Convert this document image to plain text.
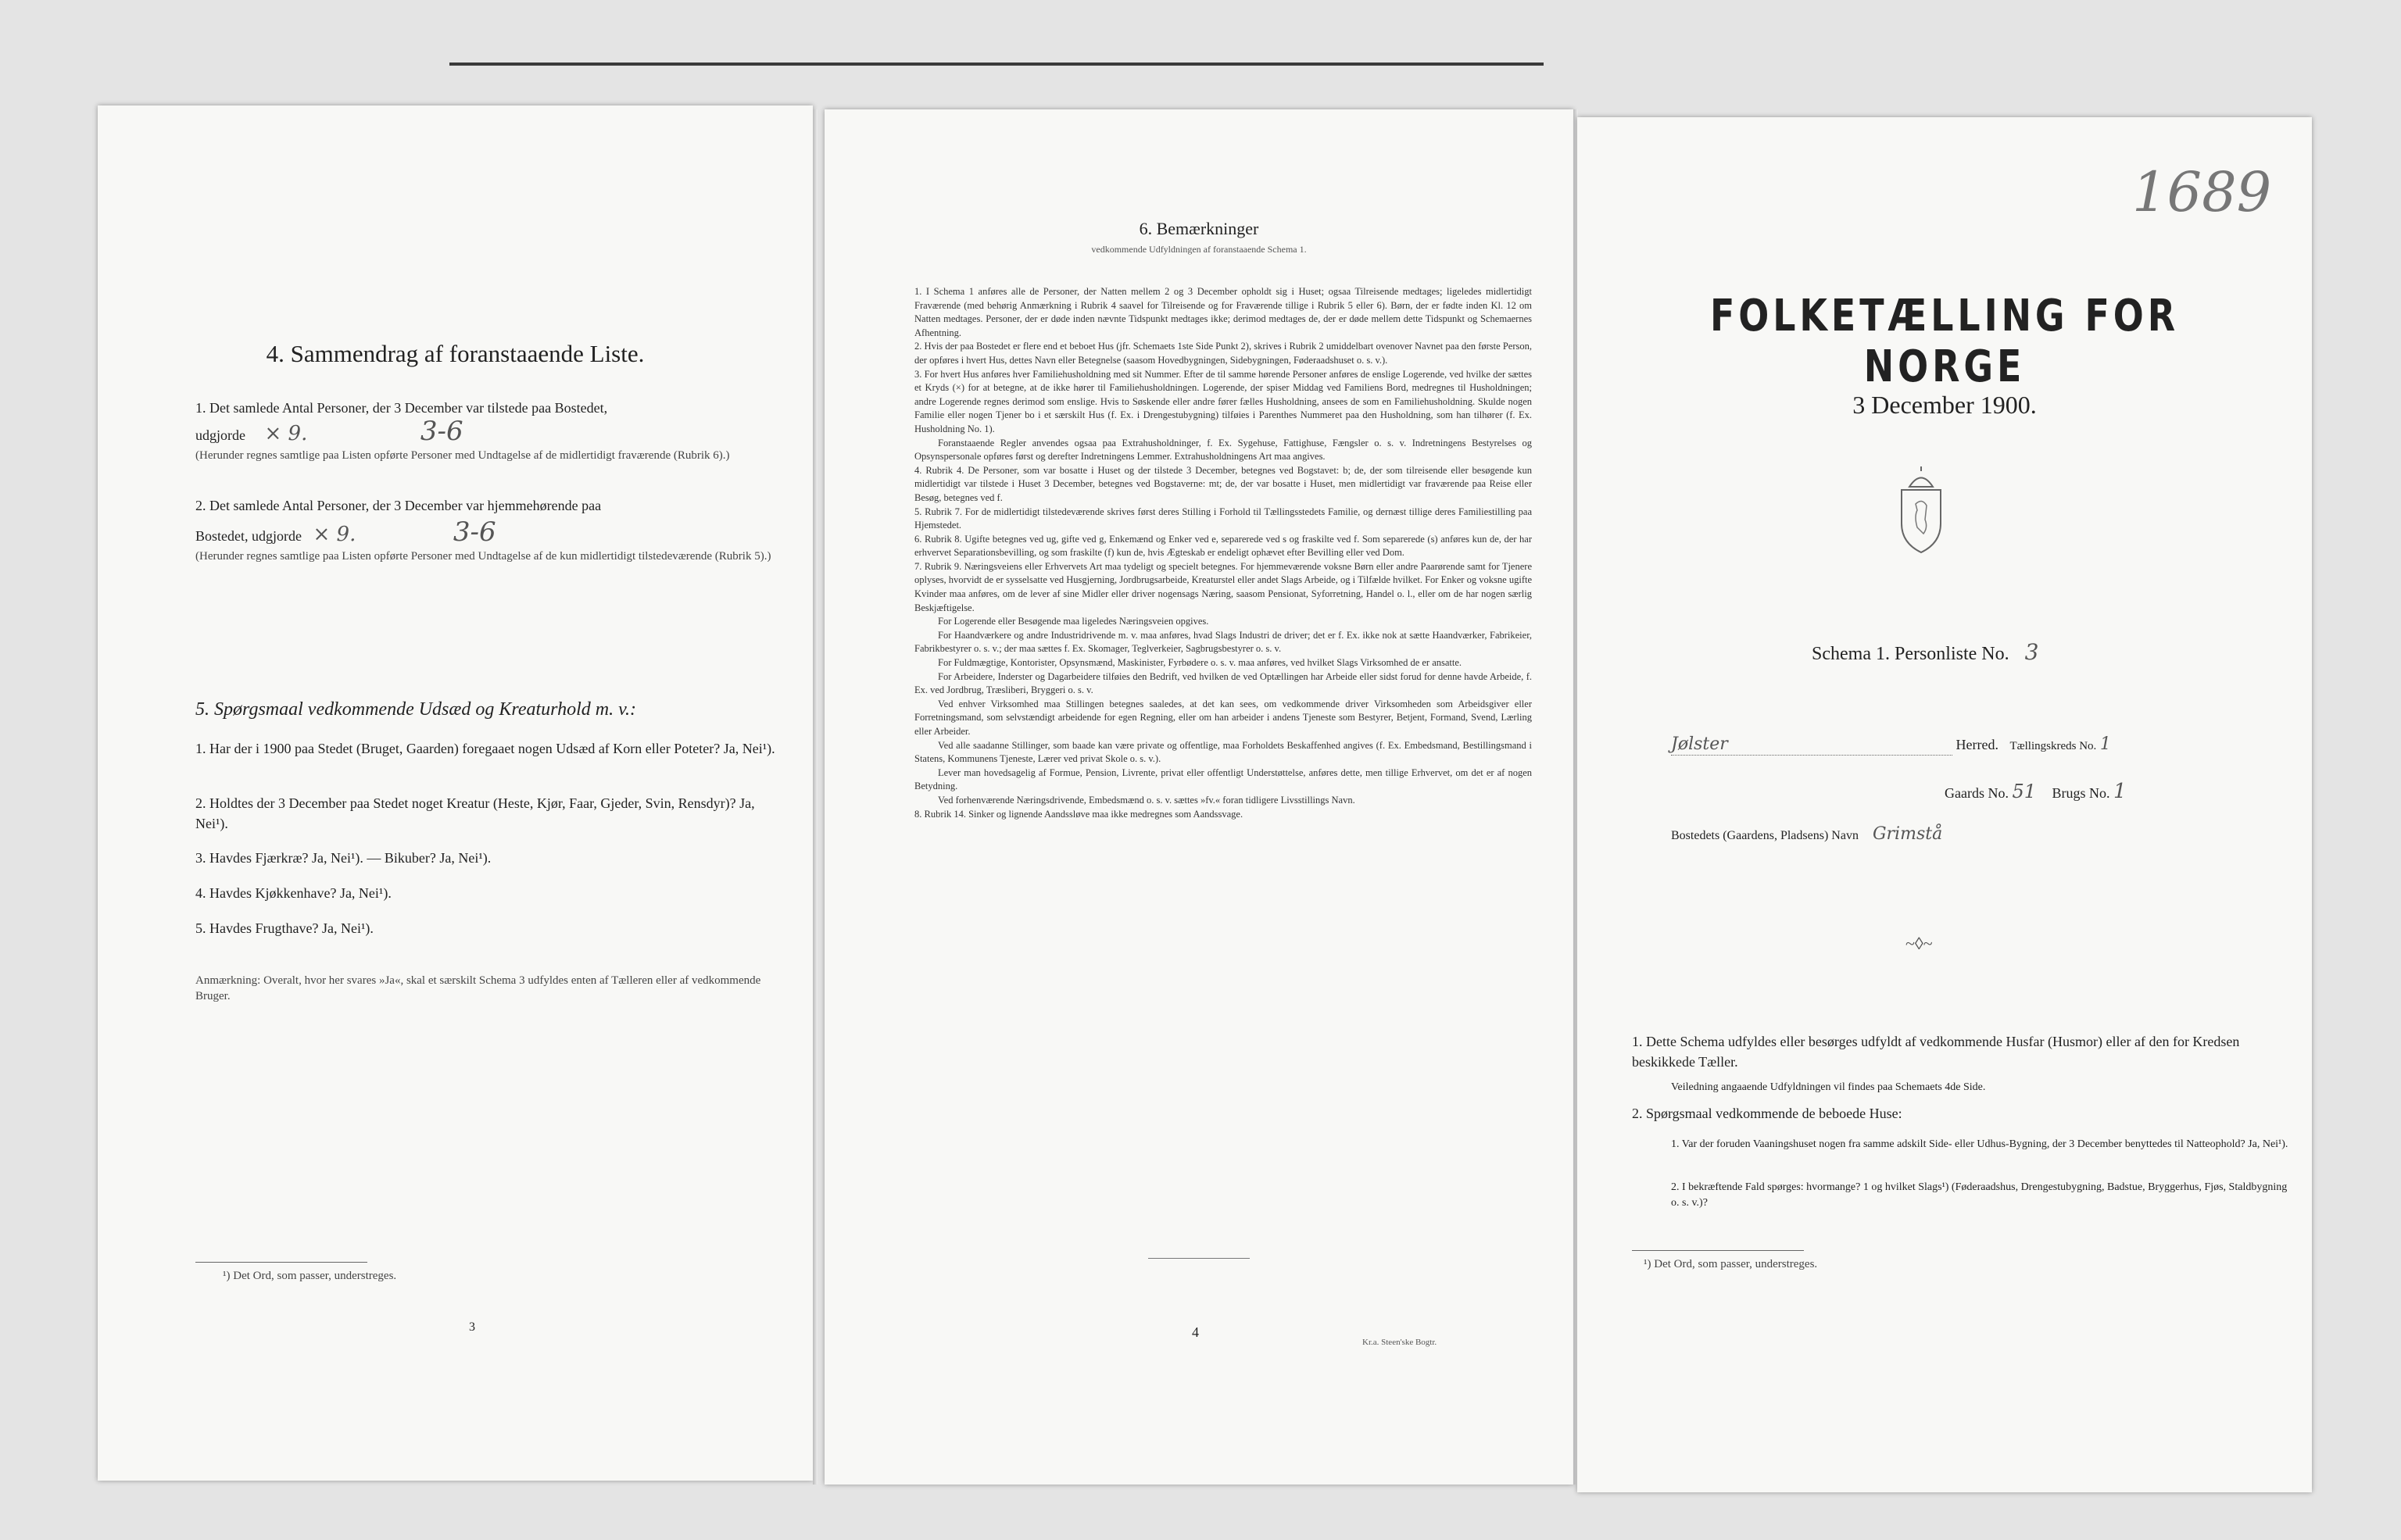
4. Sammendrag af foranstaaende Liste.
1. Det samlede Antal Personer, der 3 December var tilstede paa Bostedet,
udgjorde × 9.	3-6
(Herunder regnes samtlige paa Listen opførte Personer med Undtagelse af de midlertidigt fraværende (Rubrik 6).)
2. Det samlede Antal Personer, der 3 December var hjemmehørende paa
Bostedet, udgjorde × 9.	3-6
(Herunder regnes samtlige paa Listen opførte Personer med Undtagelse af de kun midlertidigt tilstedeværende (Rubrik 5).)
5. Spørgsmaal vedkommende Udsæd og Kreaturhold m. v.:
1. Har der i 1900 paa Stedet (Bruget, Gaarden) foregaaet nogen Udsæd af Korn eller Poteter? Ja, Nei¹).
2. Holdtes der 3 December paa Stedet noget Kreatur (Heste, Kjør, Faar, Gjeder, Svin, Rensdyr)? Ja, Nei¹).
3. Havdes Fjærkræ? Ja, Nei¹). — Bikuber? Ja, Nei¹).
4. Havdes Kjøkkenhave? Ja, Nei¹).
5. Havdes Frugthave? Ja, Nei¹).
Anmærkning: Overalt, hvor her svares »Ja«, skal et særskilt Schema 3 udfyldes enten af Tælleren eller af vedkommende Bruger.
¹) Det Ord, som passer, understreges.
3
6. Bemærkninger
vedkommende Udfyldningen af foranstaaende Schema 1.

1. I Schema 1 anføres alle de Personer, der Natten mellem 2 og 3 December opholdt sig i Huset; ogsaa Tilreisende medtages; ligeledes midlertidigt Fraværende (med behørig Anmærkning i Rubrik 4 saavel for Tilreisende og for Fraværende tillige i Rubrik 5 eller 6). Børn, der er fødte inden Kl. 12 om Natten medtages. Personer, der er døde inden nævnte Tidspunkt medtages ikke; derimod medtages de, der er døde mellem dette Tidspunkt og Schemaernes Afhentning.

2. Hvis der paa Bostedet er flere end et beboet Hus (jfr. Schemaets 1ste Side Punkt 2), skrives i Rubrik 2 umiddelbart ovenover Navnet paa den første Person, der opføres i hvert Hus, dettes Navn eller Betegnelse (saasom Hovedbygningen, Sidebygningen, Føderaadshuset o. s. v.).

3. For hvert Hus anføres hver Familiehusholdning med sit Nummer. Efter de til samme hørende Personer anføres de enslige Logerende, ved hvilke der sættes et Kryds (×) for at betegne, at de ikke hører til Familiehusholdningen. Logerende, der spiser Middag ved Familiens Bord, medregnes til Husholdningen; andre Logerende regnes derimod som enslige. Hvis to Søskende eller andre fører fælles Husholdning, ansees de som en Familiehusholdning. Skulde nogen Familie eller nogen Tjener bo i et særskilt Hus (f. Ex. i Drengestubygning) tilføies i Parenthes Nummeret paa den Husholdning, som han tilhører (f. Ex. Husholdning No. 1).

Foranstaaende Regler anvendes ogsaa paa Extrahusholdninger, f. Ex. Sygehuse, Fattighuse, Fængsler o. s. v. Indretningens Bestyrelses og Opsynspersonale opføres først og derefter Indretningens Lemmer. Extrahusholdningens Art maa angives.

4. Rubrik 4. De Personer, som var bosatte i Huset og der tilstede 3 December, betegnes ved Bogstavet: b; de, der som tilreisende eller besøgende kun midlertidigt var tilstede i Huset 3 December, betegnes ved Bogstaverne: mt; de, der var bosatte i Huset, men midlertidigt var fraværende paa Reise eller Besøg, betegnes ved f.

5. Rubrik 7. For de midlertidigt tilstedeværende skrives først deres Stilling i Forhold til Tællingsstedets Familie, og dernæst tillige deres Familiestilling paa Hjemstedet.

6. Rubrik 8. Ugifte betegnes ved ug, gifte ved g, Enkemænd og Enker ved e, separerede ved s og fraskilte ved f. Som separerede (s) anføres kun de, der har erhvervet Separationsbevilling, og som fraskilte (f) kun de, hvis Ægteskab er endeligt ophævet efter Bevilling eller ved Dom.

7. Rubrik 9. Næringsveiens eller Erhvervets Art maa tydeligt og specielt betegnes. For hjemmeværende voksne Børn eller andre Paarørende samt for Tjenere oplyses, hvorvidt de er sysselsatte ved Husgjerning, Jordbrugsarbeide, Kreaturstel eller andet Slags Arbeide, og i Tilfælde hvilket. For Enker og voksne ugifte Kvinder maa anføres, om de lever af sine Midler eller driver nogensags Næring, saasom Pensionat, Syforretning, Handel o. l., eller om de har nogen særlig Beskjæftigelse.

For Logerende eller Besøgende maa ligeledes Næringsveien opgives.

For Haandværkere og andre Industridrivende m. v. maa anføres, hvad Slags Industri de driver; det er f. Ex. ikke nok at sætte Haandværker, Fabrikeier, Fabrikbestyrer o. s. v.; der maa sættes f. Ex. Skomager, Teglverkeier, Sagbrugsbestyrer o. s. v.

For Fuldmægtige, Kontorister, Opsynsmænd, Maskinister, Fyrbødere o. s. v. maa anføres, ved hvilket Slags Virksomhed de er ansatte.

For Arbeidere, Inderster og Dagarbeidere tilføies den Bedrift, ved hvilken de ved Optællingen har Arbeide eller sidst forud for denne havde Arbeide, f. Ex. ved Jordbrug, Træsliberi, Bryggeri o. s. v.

Ved enhver Virksomhed maa Stillingen betegnes saaledes, at det kan sees, om vedkommende driver Virksomheden som Arbeidsgiver eller Forretningsmand, som selvstændigt arbeidende for egen Regning, eller om han arbeider i andens Tjeneste som Bestyrer, Betjent, Formand, Svend, Lærling eller Arbeider.

Ved alle saadanne Stillinger, som baade kan være private og offentlige, maa Forholdets Beskaffenhed angives (f. Ex. Embedsmand, Bestillingsmand i Statens, Kommunens Tjeneste, Lærer ved privat Skole o. s. v.).

Lever man hovedsagelig af Formue, Pension, Livrente, privat eller offentligt Understøttelse, anføres dette, men tillige Erhvervet, om det er af nogen Betydning.

Ved forhenværende Næringsdrivende, Embedsmænd o. s. v. sættes »fv.« foran tidligere Livsstillings Navn.

8. Rubrik 14. Sinker og lignende Aandssløve maa ikke medregnes som Aandssvage.

4
Kr.a. Steen'ske Bogtr.
1689
FOLKETÆLLING FOR NORGE
3 December 1900.
Schema 1. Personliste No. 3
Jølster	Herred. Tællingskreds No. 1
Gaards No. 51 Brugs No. 1
Bostedets (Gaardens, Pladsens) Navn Grimstå
~◊~
1. Dette Schema udfyldes eller besørges udfyldt af vedkommende Husfar (Husmor) eller af den for Kredsen beskikkede Tæller.
Veiledning angaaende Udfyldningen vil findes paa Schemaets 4de Side.
2. Spørgsmaal vedkommende de beboede Huse:
1. Var der foruden Vaaningshuset nogen fra samme adskilt Side- eller Udhus-Bygning, der 3 December benyttedes til Natteophold? Ja, Nei¹).
2. I bekræftende Fald spørges: hvormange? 1 og hvilket Slags¹) (Føderaadshus, Drengestubygning, Badstue, Bryggerhus, Fjøs, Staldbygning o. s. v.)?
¹) Det Ord, som passer, understreges.
